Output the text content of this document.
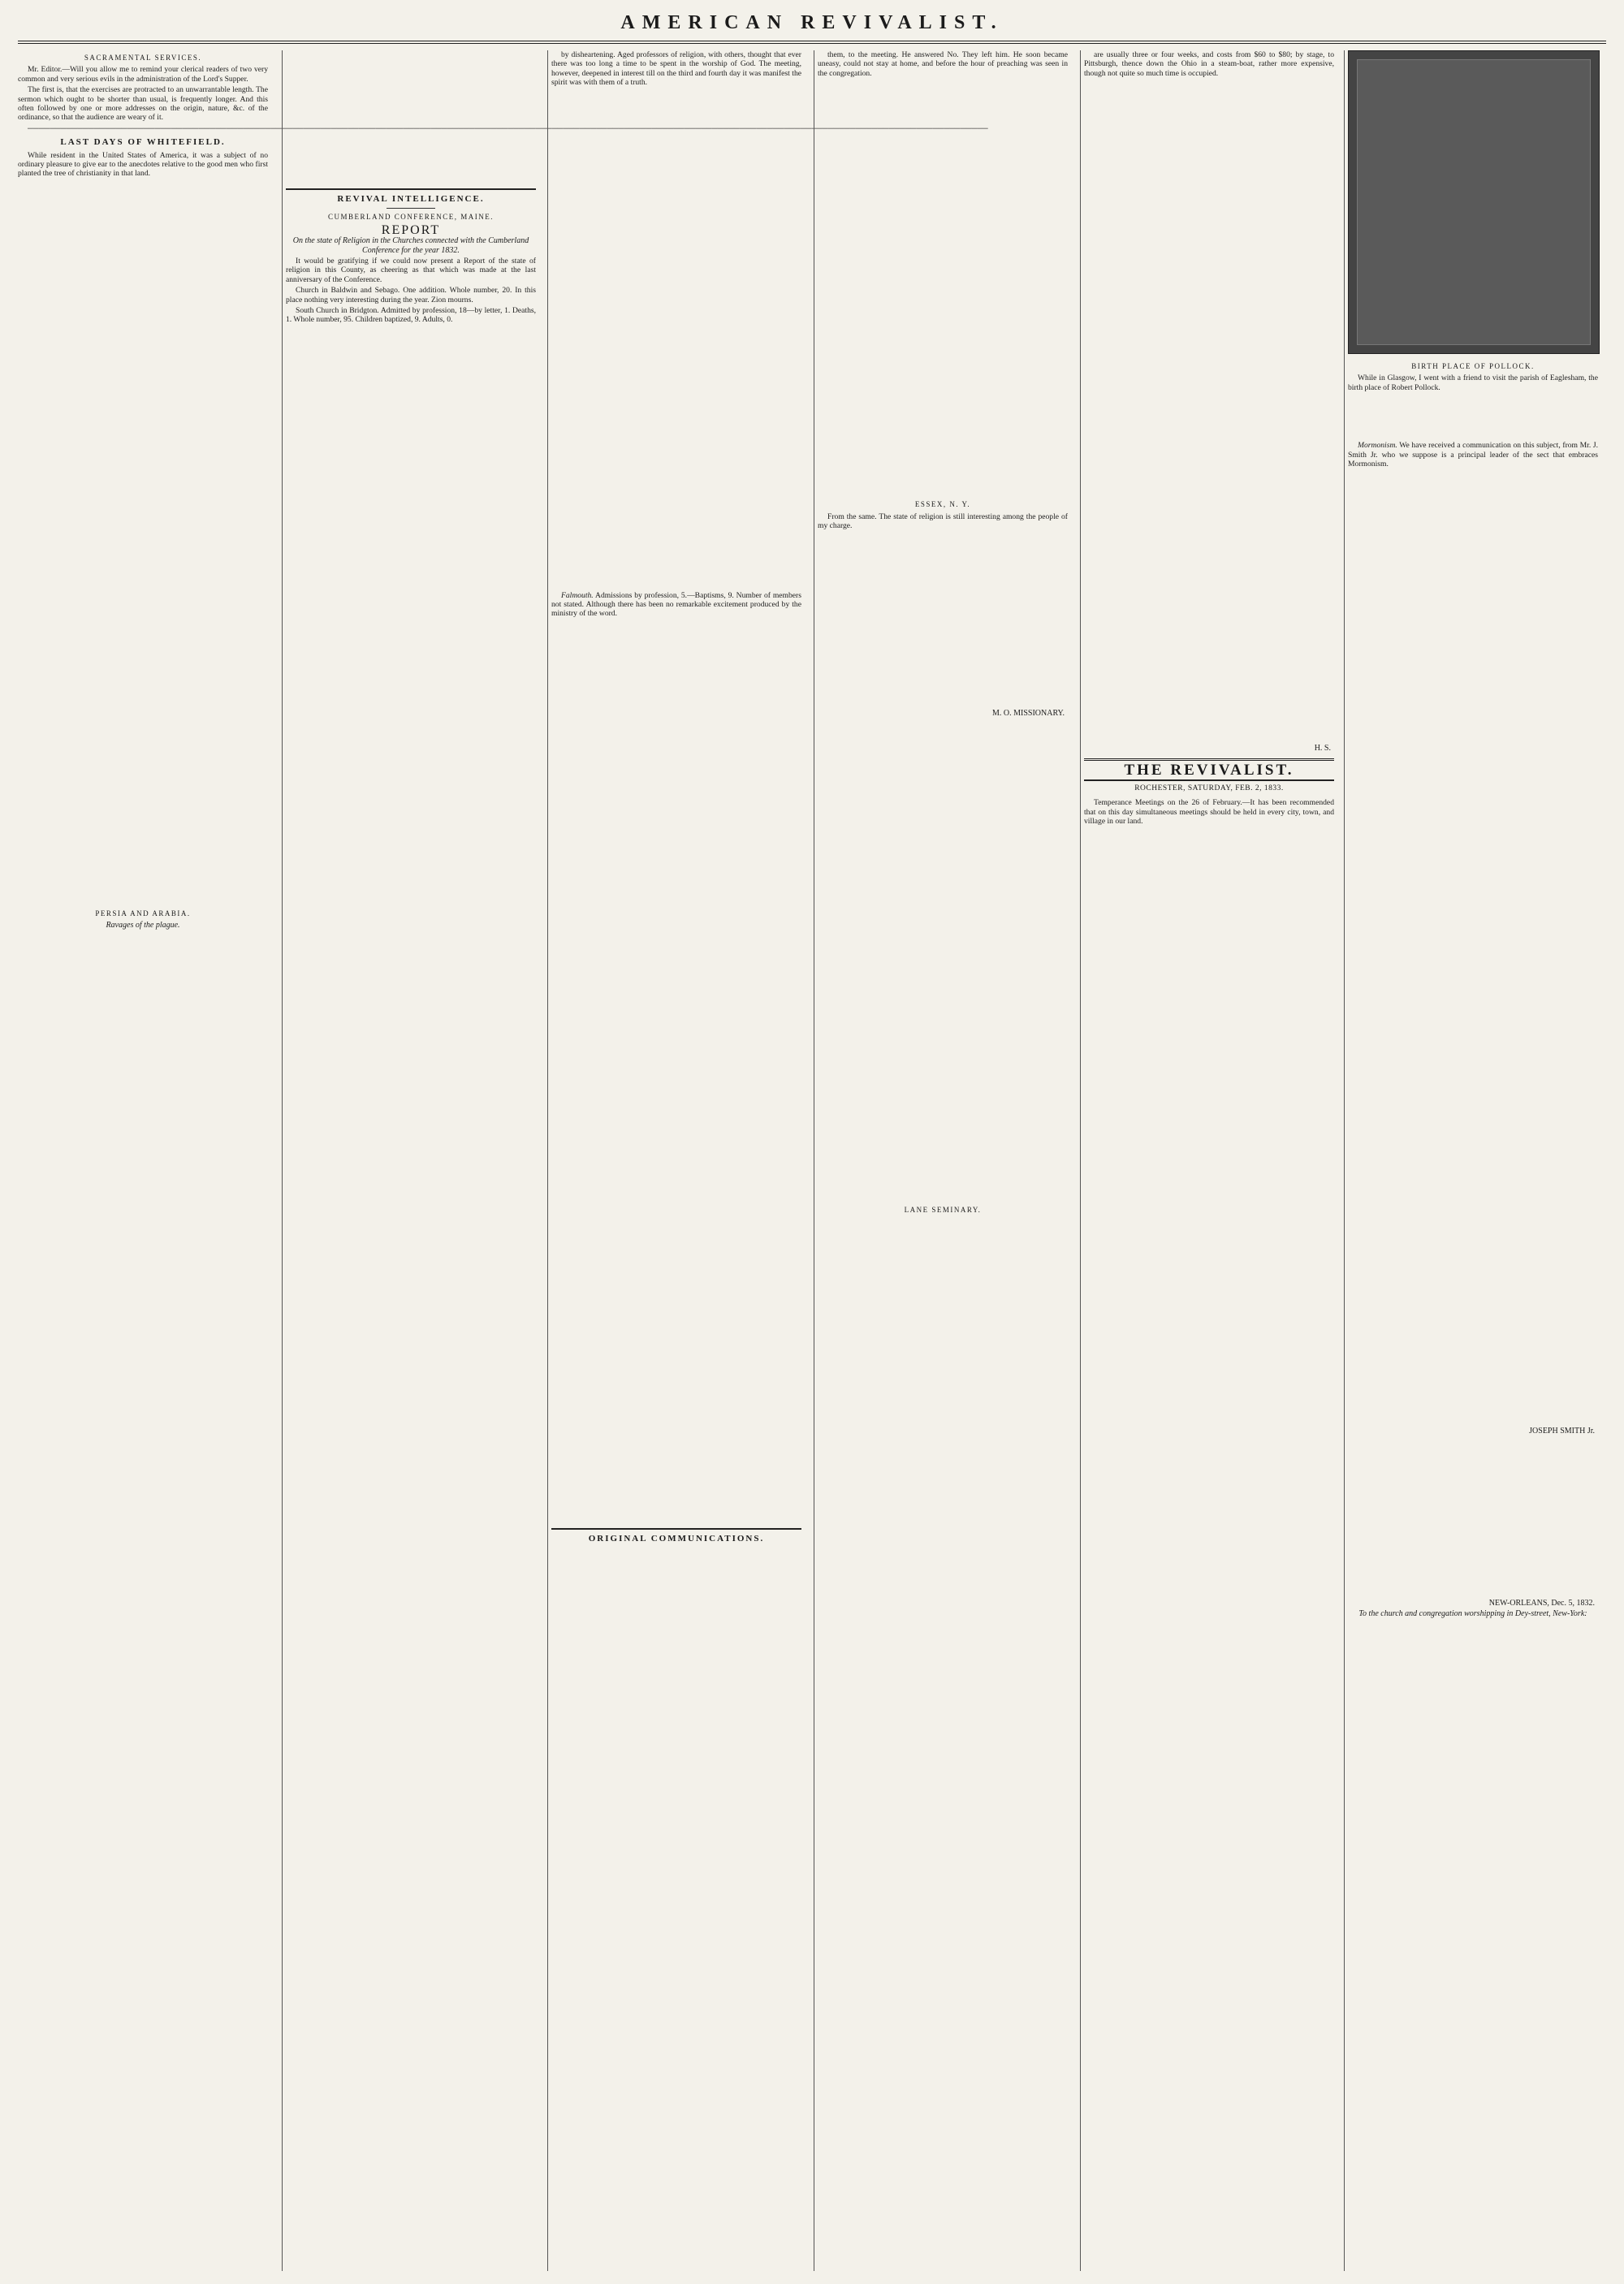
AMERICAN REVIVALIST.
SACRAMENTAL SERVICES.

Mr. Editor.—Will you allow me to remind your clerical readers of two very common and very serious evils in the administration of the Lord's Supper.

The first is, that the exercises are protracted to an unwarrantable length. The sermon which ought to be shorter than usual, is frequently longer. And this often followed by one or more addresses on the origin, nature, &c. of the ordinance, so that the audience are weary of it.

──────────────────────────────────────────────────────────────────────────────────────────────────────────────────────────────────────────────────────────────────────────────

LAST DAYS OF WHITEFIELD.

While resident in the United States of America, it was a subject of no ordinary pleasure to give ear to the anecdotes relative to the good men who first planted the tree of christianity in that land.

PERSIA AND ARABIA.
Ravages of the plague.
REVIVAL INTELLIGENCE.
CUMBERLAND CONFERENCE, MAINE.
REPORT
On the state of Religion in the Churches connected with the Cumberland Conference for the year 1832.

It would be gratifying if we could now present a Report of the state of religion in this County, as cheering as that which was made at the last anniversary of the Conference.

Church in Baldwin and Sebago. One addition. Whole number, 20. In this place nothing very interesting during the year. Zion mourns.

South Church in Bridgton. Admitted by profession, 18—by letter, 1. Deaths, 1. Whole number, 95. Children baptized, 9. Adults, 0.

by disheartening. Aged professors of religion, with others, thought that ever there was too long a time to be spent in the worship of God. The meeting, however, deepened in interest till on the third and fourth day it was manifest the spirit was with them of a truth.

Falmouth. Admissions by profession, 5.—Baptisms, 9. Number of members not stated. Although there has been no remarkable excitement produced by the ministry of the word.

ORIGINAL COMMUNICATIONS.

them, to the meeting. He answered No. They left him. He soon became uneasy, could not stay at home, and before the hour of preaching was seen in the congregation.

ESSEX, N. Y.

From the same. The state of religion is still interesting among the people of my charge.

M. O. MISSIONARY.
LANE SEMINARY.

are usually three or four weeks, and costs from $60 to $80; by stage, to Pittsburgh, thence down the Ohio in a steam-boat, rather more expensive, though not quite so much time is occupied.

H. S.
THE REVIVALIST.
ROCHESTER, SATURDAY, FEB. 2, 1833.

Temperance Meetings on the 26 of February.—It has been recommended that on this day simultaneous meetings should be held in every city, town, and village in our land.

BIRTH PLACE OF POLLOCK.

While in Glasgow, I went with a friend to visit the parish of Eaglesham, the birth place of Robert Pollock.

Mormonism. We have received a communication on this subject, from Mr. J. Smith Jr. who we suppose is a principal leader of the sect that embraces Mormonism.

JOSEPH SMITH Jr.
NEW-ORLEANS, Dec. 5, 1832.
To the church and congregation worshipping in Dey-street, New-York:
